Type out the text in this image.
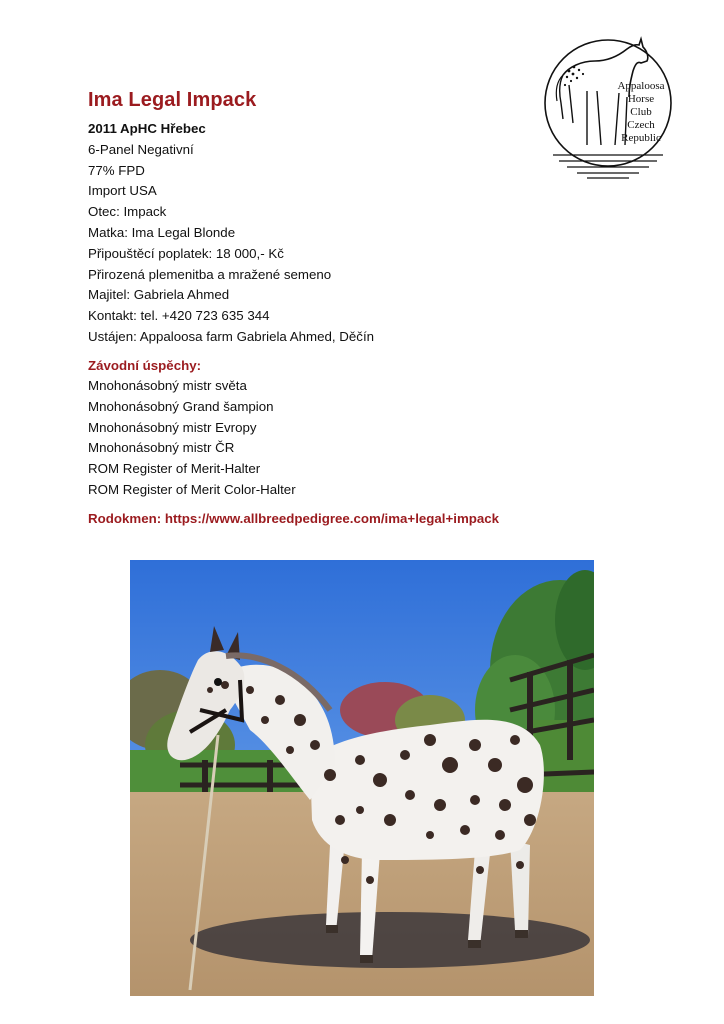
Ima Legal Impack
2011 ApHC Hřebec
6-Panel Negativní
77% FPD
Import USA
Otec: Impack
Matka: Ima Legal Blonde
Připouštěcí poplatek: 18 000,- Kč
Přirozená plemenitba a mražené semeno
Majitel: Gabriela Ahmed
Kontakt: tel. +420 723 635 344
Ustájen: Appaloosa farm Gabriela Ahmed, Děčín
Závodní úspěchy:
Mnohonásobný mistr světa
Mnohonásobný Grand šampion
Mnohonásobný mistr Evropy
Mnohonásobný mistr ČR
ROM Register of Merit-Halter
ROM Register of Merit Color-Halter
Rodokmen: https://www.allbreedpedigree.com/ima+legal+impack
Appaloosa
Horse
Club
Czech
Republic
